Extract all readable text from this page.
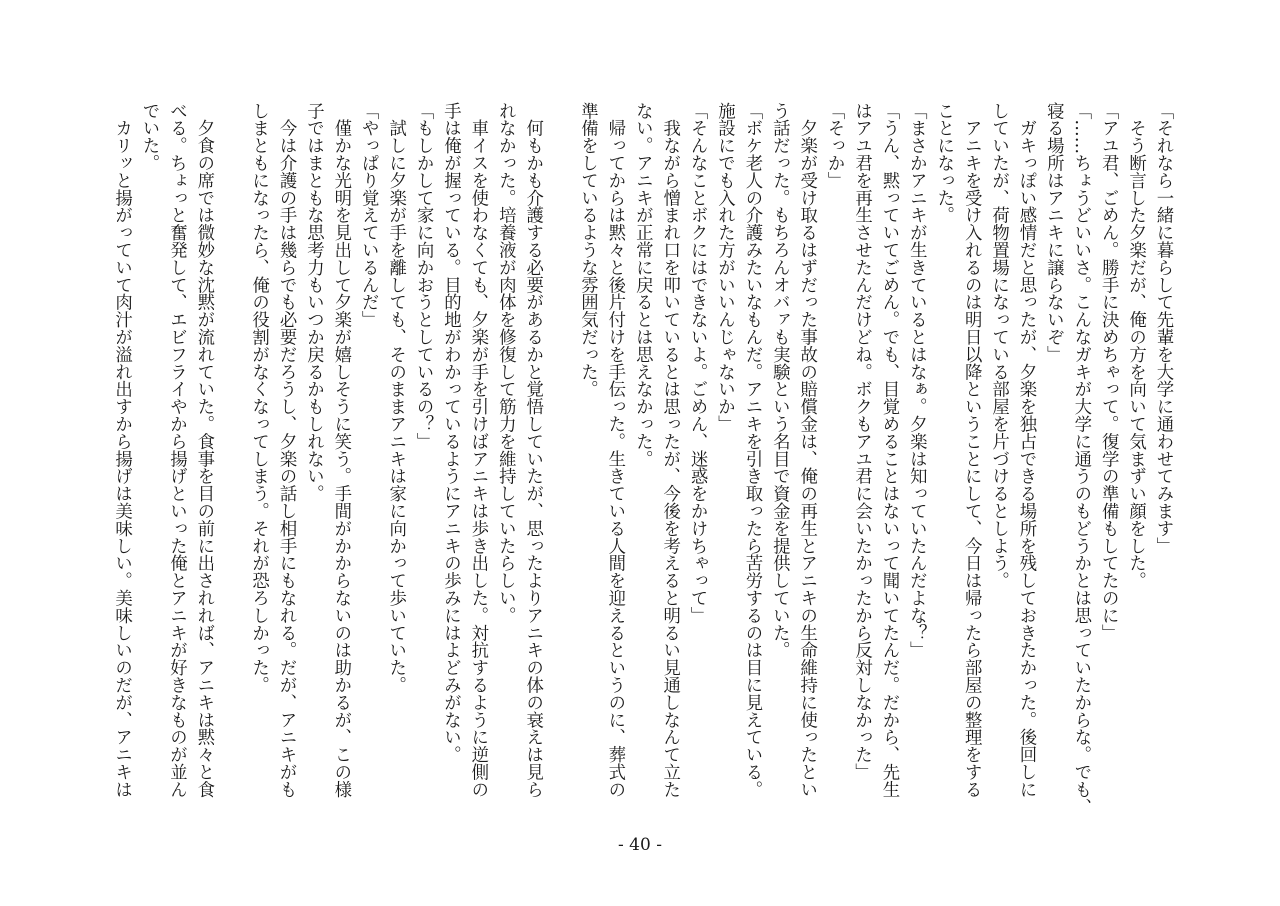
「それなら一緒に暮らして先輩を大学に通わせてみます」
　そう断言した夕楽だが、俺の方を向いて気まずい顔をした。
「アユ君、ごめん。勝手に決めちゃって。復学の準備もしてたのに」
「……ちょうどいいさ。こんなガキが大学に通うのもどうかとは思っていたからな。でも、
寝る場所はアニキに譲らないぞ」
　ガキっぽい感情だと思ったが、夕楽を独占できる場所を残しておきたかった。後回しに
していたが、荷物置場になっている部屋を片づけるとしよう。
　アニキを受け入れるのは明日以降ということにして、今日は帰ったら部屋の整理をする
ことになった。
「まさかアニキが生きているとはなぁ。夕楽は知っていたんだよな？」
「うん、黙っていてごめん。でも、目覚めることはないって聞いてたんだ。だから、先生
はアユ君を再生させたんだけどね。ボクもアユ君に会いたかったから反対しなかった」
「そっか」
　夕楽が受け取るはずだった事故の賠償金は、俺の再生とアニキの生命維持に使ったとい
う話だった。もちろんオバァも実験という名目で資金を提供していた。
「ボケ老人の介護みたいなもんだ。アニキを引き取ったら苦労するのは目に見えている。
施設にでも入れた方がいいんじゃないか」
「そんなことボクにはできないよ。ごめん、迷惑をかけちゃって」
　我ながら憎まれ口を叩いているとは思ったが、今後を考えると明るい見通しなんて立た
ない。アニキが正常に戻るとは思えなかった。
　帰ってからは黙々と後片付けを手伝った。生きている人間を迎えるというのに、葬式の
準備をしているような雰囲気だった。
　何もかも介護する必要があるかと覚悟していたが、思ったよりアニキの体の衰えは見ら
れなかった。培養液が肉体を修復して筋力を維持していたらしい。
　車イスを使わなくても、夕楽が手を引けばアニキは歩き出した。対抗するように逆側の
手は俺が握っている。目的地がわかっているようにアニキの歩みにはよどみがない。
「もしかして家に向かおうとしているの？」
　試しに夕楽が手を離しても、そのままアニキは家に向かって歩いていた。
「やっぱり覚えているんだ」
　僅かな光明を見出して夕楽が嬉しそうに笑う。手間がかからないのは助かるが、この様
子ではまともな思考力もいつか戻るかもしれない。
　今は介護の手は幾らでも必要だろうし、夕楽の話し相手にもなれる。だが、アニキがも
しまともになったら、俺の役割がなくなってしまう。それが恐ろしかった。
　夕食の席では微妙な沈黙が流れていた。食事を目の前に出されれば、アニキは黙々と食
べる。ちょっと奮発して、エビフライやから揚げといった俺とアニキが好きなものが並ん
でいた。
　カリッと揚がっていて肉汁が溢れ出すから揚げは美味しい。美味しいのだが、アニキは
- 40 -
